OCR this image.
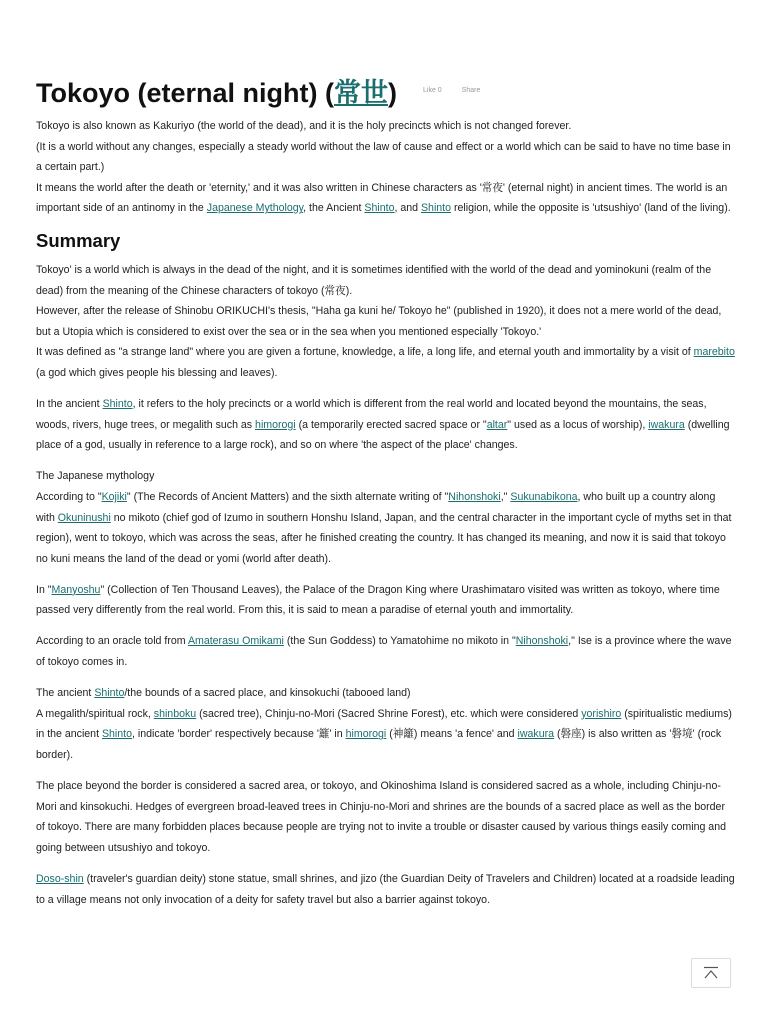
Tokoyo (eternal night) (常世)	Like 0	Share

Tokoyo is also known as Kakuriyo (the world of the dead), and it is the holy precincts which is not changed forever.

(It is a world without any changes, especially a steady world without the law of cause and effect or a world which can be said to have no time base in a certain part.)

It means the world after the death or 'eternity,' and it was also written in Chinese characters as '常夜' (eternal night) in ancient times. The world is an important side of an antinomy in the Japanese Mythology, the Ancient Shinto, and Shinto religion, while the opposite is 'utsushiyo' (land of the living).

Summary

Tokoyo' is a world which is always in the dead of the night, and it is sometimes identified with the world of the dead and yominokuni (realm of the dead) from the meaning of the Chinese characters of tokoyo (常夜).

However, after the release of Shinobu ORIKUCHI's thesis, "Haha ga kuni he/ Tokoyo he" (published in 1920), it does not a mere world of the dead, but a Utopia which is considered to exist over the sea or in the sea when you mentioned especially 'Tokoyo.'

It was defined as "a strange land" where you are given a fortune, knowledge, a life, a long life, and eternal youth and immortality by a visit of marebito (a god which gives people his blessing and leaves).

In the ancient Shinto, it refers to the holy precincts or a world which is different from the real world and located beyond the mountains, the seas, woods, rivers, huge trees, or megalith such as himorogi (a temporarily erected sacred space or "altar" used as a locus of worship), iwakura (dwelling place of a god, usually in reference to a large rock), and so on where 'the aspect of the place' changes.

The Japanese mythology

According to "Kojiki" (The Records of Ancient Matters) and the sixth alternate writing of "Nihonshoki," Sukunabikona, who built up a country along with Okuninushi no mikoto (chief god of Izumo in southern Honshu Island, Japan, and the central character in the important cycle of myths set in that region), went to tokoyo, which was across the seas, after he finished creating the country. It has changed its meaning, and now it is said that tokoyo no kuni means the land of the dead or yomi (world after death).

In "Manyoshu" (Collection of Ten Thousand Leaves), the Palace of the Dragon King where Urashimataro visited was written as tokoyo, where time passed very differently from the real world. From this, it is said to mean a paradise of eternal youth and immortality.

According to an oracle told from Amaterasu Omikami (the Sun Goddess) to Yamatohime no mikoto in "Nihonshoki," Ise is a province where the wave of tokoyo comes in.

The ancient Shinto/the bounds of a sacred place, and kinsokuchi (tabooed land)

A megalith/spiritual rock, shinboku (sacred tree), Chinju-no-Mori (Sacred Shrine Forest), etc. which were considered yorishiro (spiritualistic mediums) in the ancient Shinto, indicate 'border' respectively because '籬' in himorogi (神籬) means 'a fence' and iwakura (磐座) is also written as '磐境' (rock border).

The place beyond the border is considered a sacred area, or tokoyo, and Okinoshima Island is considered sacred as a whole, including Chinju-no-Mori and kinsokuchi. Hedges of evergreen broad-leaved trees in Chinju-no-Mori and shrines are the bounds of a sacred place as well as the border of tokoyo. There are many forbidden places because people are trying not to invite a trouble or disaster caused by various things easily coming and going between utsushiyo and tokoyo.

Doso-shin (traveler's guardian deity) stone statue, small shrines, and jizo (the Guardian Deity of Travelers and Children) located at a roadside leading to a village means not only invocation of a deity for safety travel but also a barrier against tokoyo.
